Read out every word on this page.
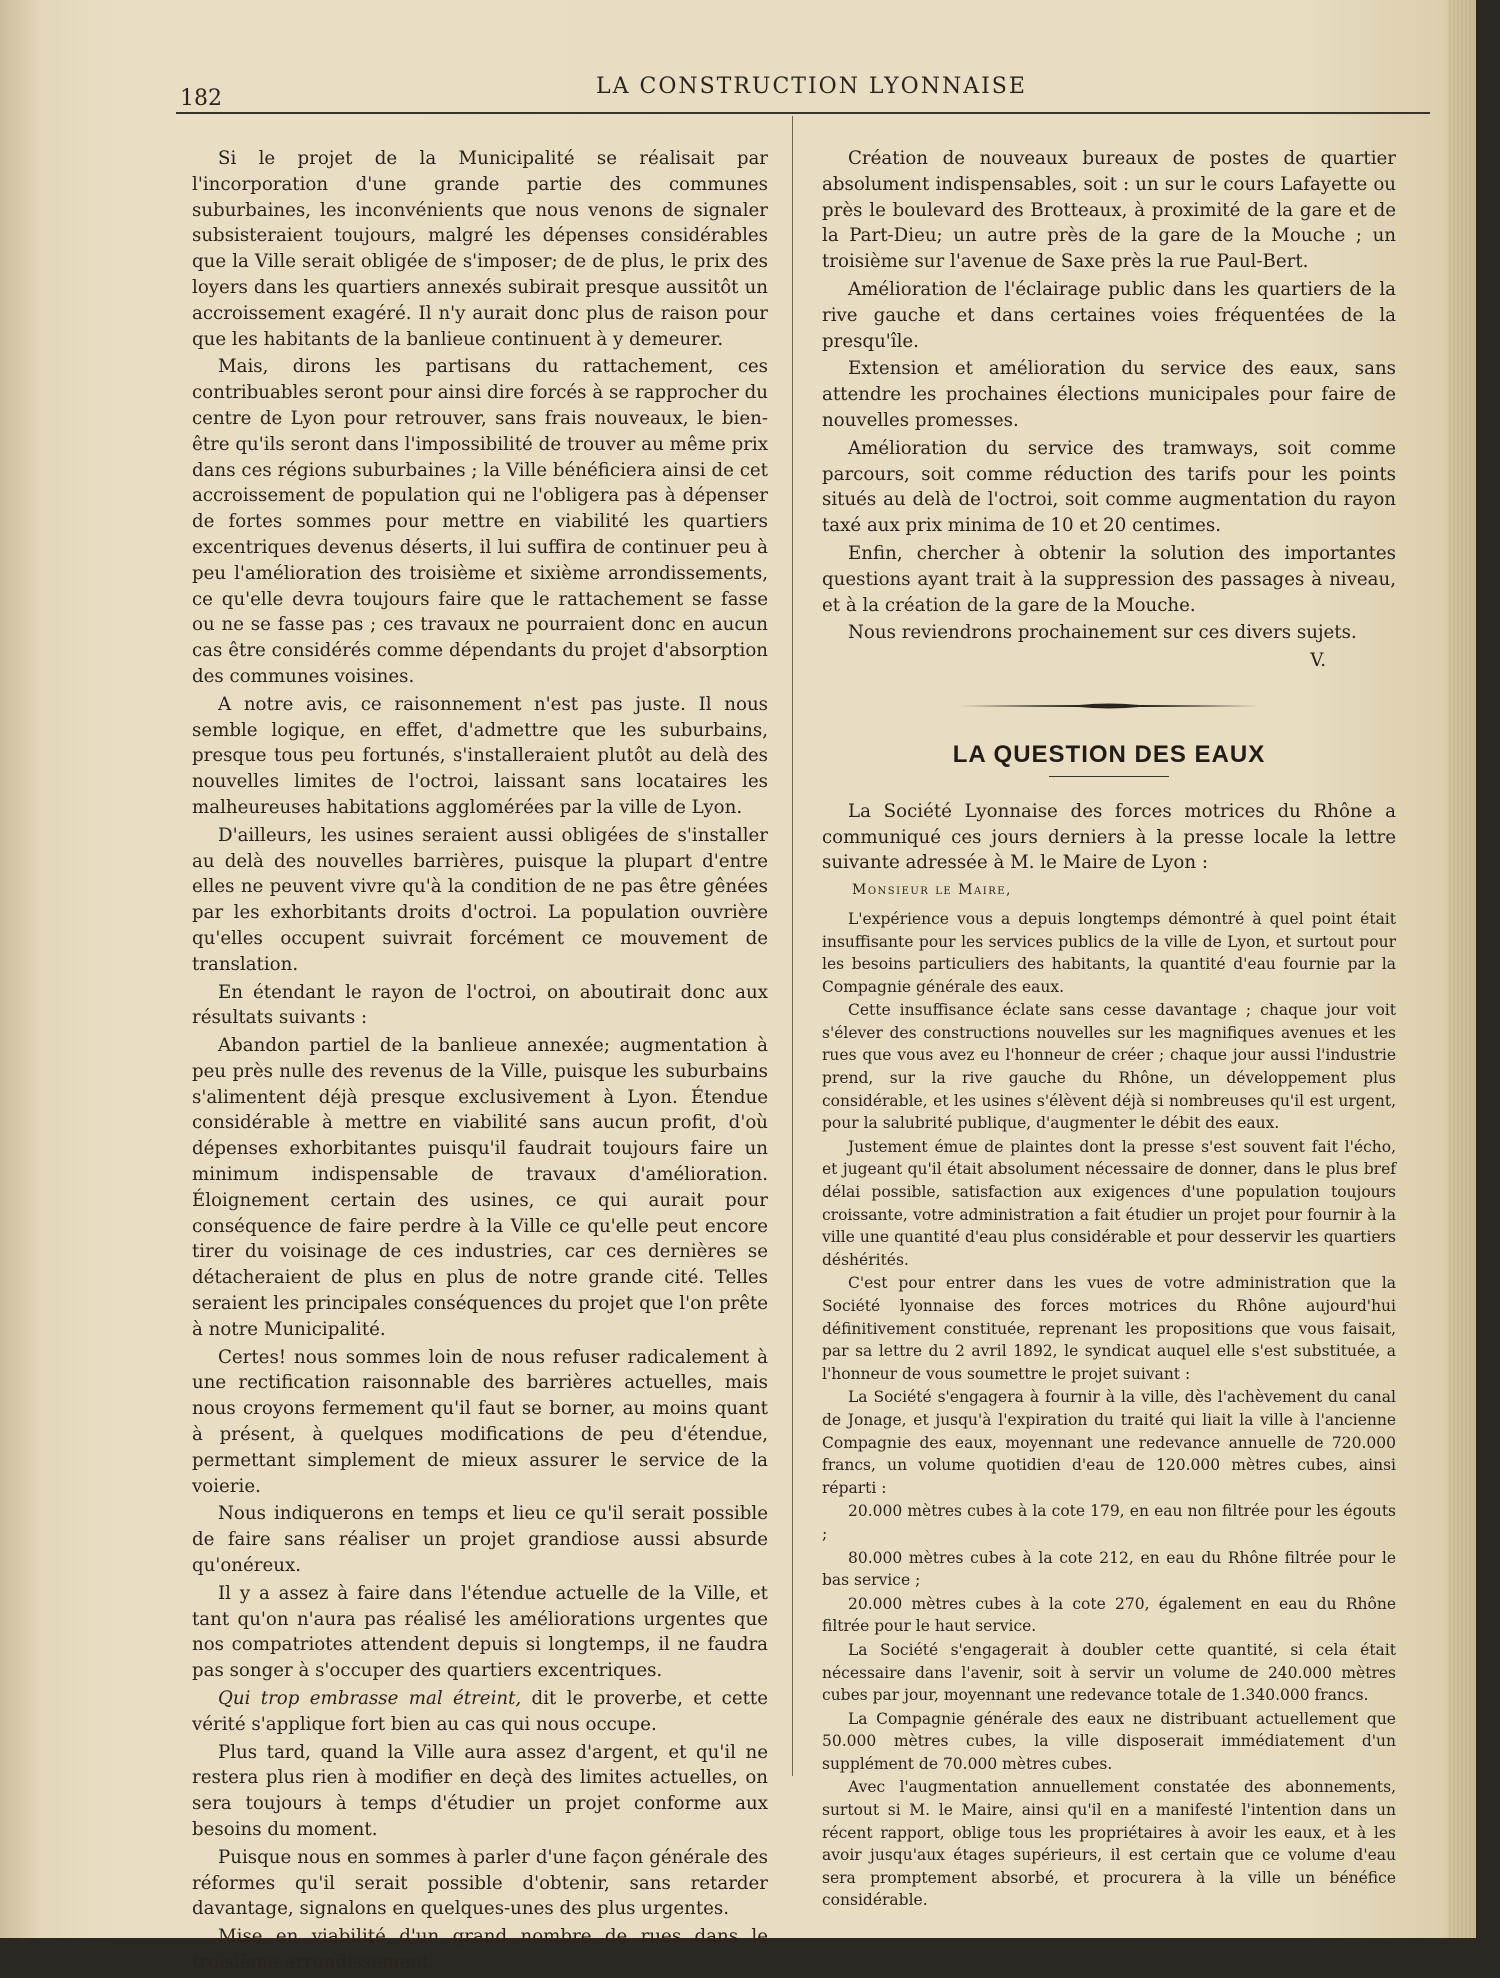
182	LA CONSTRUCTION LYONNAISE

Si le projet de la Municipalité se réalisait par l'incorporation d'une grande partie des communes suburbaines, les inconvénients que nous venons de signaler subsisteraient toujours, malgré les dépenses considérables que la Ville serait obligée de s'imposer; de de plus, le prix des loyers dans les quartiers annexés subirait presque aussitôt un accroissement exagéré. Il n'y aurait donc plus de raison pour que les habitants de la banlieue continuent à y demeurer.

Mais, dirons les partisans du rattachement, ces contribuables seront pour ainsi dire forcés à se rapprocher du centre de Lyon pour retrouver, sans frais nouveaux, le bien-être qu'ils seront dans l'impossibilité de trouver au même prix dans ces régions suburbaines ; la Ville bénéficiera ainsi de cet accroissement de population qui ne l'obligera pas à dépenser de fortes sommes pour mettre en viabilité les quartiers excentriques devenus déserts, il lui suffira de continuer peu à peu l'amélioration des troisième et sixième arrondissements, ce qu'elle devra toujours faire que le rattachement se fasse ou ne se fasse pas ; ces travaux ne pourraient donc en aucun cas être considérés comme dépendants du projet d'absorption des communes voisines.

A notre avis, ce raisonnement n'est pas juste. Il nous semble logique, en effet, d'admettre que les suburbains, presque tous peu fortunés, s'installeraient plutôt au delà des nouvelles limites de l'octroi, laissant sans locataires les malheureuses habitations agglomérées par la ville de Lyon.

D'ailleurs, les usines seraient aussi obligées de s'installer au delà des nouvelles barrières, puisque la plupart d'entre elles ne peuvent vivre qu'à la condition de ne pas être gênées par les exhorbitants droits d'octroi. La population ouvrière qu'elles occupent suivrait forcément ce mouvement de translation.

En étendant le rayon de l'octroi, on aboutirait donc aux résultats suivants :

Abandon partiel de la banlieue annexée; augmentation à peu près nulle des revenus de la Ville, puisque les suburbains s'alimentent déjà presque exclusivement à Lyon. Étendue considérable à mettre en viabilité sans aucun profit, d'où dépenses exhorbitantes puisqu'il faudrait toujours faire un minimum indispensable de travaux d'amélioration. Éloignement certain des usines, ce qui aurait pour conséquence de faire perdre à la Ville ce qu'elle peut encore tirer du voisinage de ces industries, car ces dernières se détacheraient de plus en plus de notre grande cité. Telles seraient les principales conséquences du projet que l'on prête à notre Municipalité.

Certes! nous sommes loin de nous refuser radicalement à une rectification raisonnable des barrières actuelles, mais nous croyons fermement qu'il faut se borner, au moins quant à présent, à quelques modifications de peu d'étendue, permettant simplement de mieux assurer le service de la voierie.

Nous indiquerons en temps et lieu ce qu'il serait possible de faire sans réaliser un projet grandiose aussi absurde qu'onéreux.

Il y a assez à faire dans l'étendue actuelle de la Ville, et tant qu'on n'aura pas réalisé les améliorations urgentes que nos compatriotes attendent depuis si longtemps, il ne faudra pas songer à s'occuper des quartiers excentriques.

Qui trop embrasse mal étreint, dit le proverbe, et cette vérité s'applique fort bien au cas qui nous occupe.

Plus tard, quand la Ville aura assez d'argent, et qu'il ne restera plus rien à modifier en deçà des limites actuelles, on sera toujours à temps d'étudier un projet conforme aux besoins du moment.

Puisque nous en sommes à parler d'une façon générale des réformes qu'il serait possible d'obtenir, sans retarder davantage, signalons en quelques-unes des plus urgentes.

Mise en viabilité d'un grand nombre de rues dans le troisième arrondissement.

Création de nouveaux bureaux de postes de quartier absolument indispensables, soit : un sur le cours Lafayette ou près le boulevard des Brotteaux, à proximité de la gare et de la Part-Dieu; un autre près de la gare de la Mouche ; un troisième sur l'avenue de Saxe près la rue Paul-Bert.

Amélioration de l'éclairage public dans les quartiers de la rive gauche et dans certaines voies fréquentées de la presqu'île.

Extension et amélioration du service des eaux, sans attendre les prochaines élections municipales pour faire de nouvelles promesses.

Amélioration du service des tramways, soit comme parcours, soit comme réduction des tarifs pour les points situés au delà de l'octroi, soit comme augmentation du rayon taxé aux prix minima de 10 et 20 centimes.

Enfin, chercher à obtenir la solution des importantes questions ayant trait à la suppression des passages à niveau, et à la création de la gare de la Mouche.

Nous reviendrons prochainement sur ces divers sujets.

V.

LA QUESTION DES EAUX

La Société Lyonnaise des forces motrices du Rhône a communiqué ces jours derniers à la presse locale la lettre suivante adressée à M. le Maire de Lyon :

Monsieur le Maire,

L'expérience vous a depuis longtemps démontré à quel point était insuffisante pour les services publics de la ville de Lyon, et surtout pour les besoins particuliers des habitants, la quantité d'eau fournie par la Compagnie générale des eaux.

Cette insuffisance éclate sans cesse davantage ; chaque jour voit s'élever des constructions nouvelles sur les magnifiques avenues et les rues que vous avez eu l'honneur de créer ; chaque jour aussi l'industrie prend, sur la rive gauche du Rhône, un développement plus considérable, et les usines s'élèvent déjà si nombreuses qu'il est urgent, pour la salubrité publique, d'augmenter le débit des eaux.

Justement émue de plaintes dont la presse s'est souvent fait l'écho, et jugeant qu'il était absolument nécessaire de donner, dans le plus bref délai possible, satisfaction aux exigences d'une population toujours croissante, votre administration a fait étudier un projet pour fournir à la ville une quantité d'eau plus considérable et pour desservir les quartiers déshérités.

C'est pour entrer dans les vues de votre administration que la Société lyonnaise des forces motrices du Rhône aujourd'hui définitivement constituée, reprenant les propositions que vous faisait, par sa lettre du 2 avril 1892, le syndicat auquel elle s'est substituée, a l'honneur de vous soumettre le projet suivant :

La Société s'engagera à fournir à la ville, dès l'achèvement du canal de Jonage, et jusqu'à l'expiration du traité qui liait la ville à l'ancienne Compagnie des eaux, moyennant une redevance annuelle de 720.000 francs, un volume quotidien d'eau de 120.000 mètres cubes, ainsi réparti :

20.000 mètres cubes à la cote 179, en eau non filtrée pour les égouts ;

80.000 mètres cubes à la cote 212, en eau du Rhône filtrée pour le bas service ;

20.000 mètres cubes à la cote 270, également en eau du Rhône filtrée pour le haut service.

La Société s'engagerait à doubler cette quantité, si cela était nécessaire dans l'avenir, soit à servir un volume de 240.000 mètres cubes par jour, moyennant une redevance totale de 1.340.000 francs.

La Compagnie générale des eaux ne distribuant actuellement que 50.000 mètres cubes, la ville disposerait immédiatement d'un supplément de 70.000 mètres cubes.

Avec l'augmentation annuellement constatée des abonnements, surtout si M. le Maire, ainsi qu'il en a manifesté l'intention dans un récent rapport, oblige tous les propriétaires à avoir les eaux, et à les avoir jusqu'aux étages supérieurs, il est certain que ce volume d'eau sera promptement absorbé, et procurera à la ville un bénéfice considérable.
